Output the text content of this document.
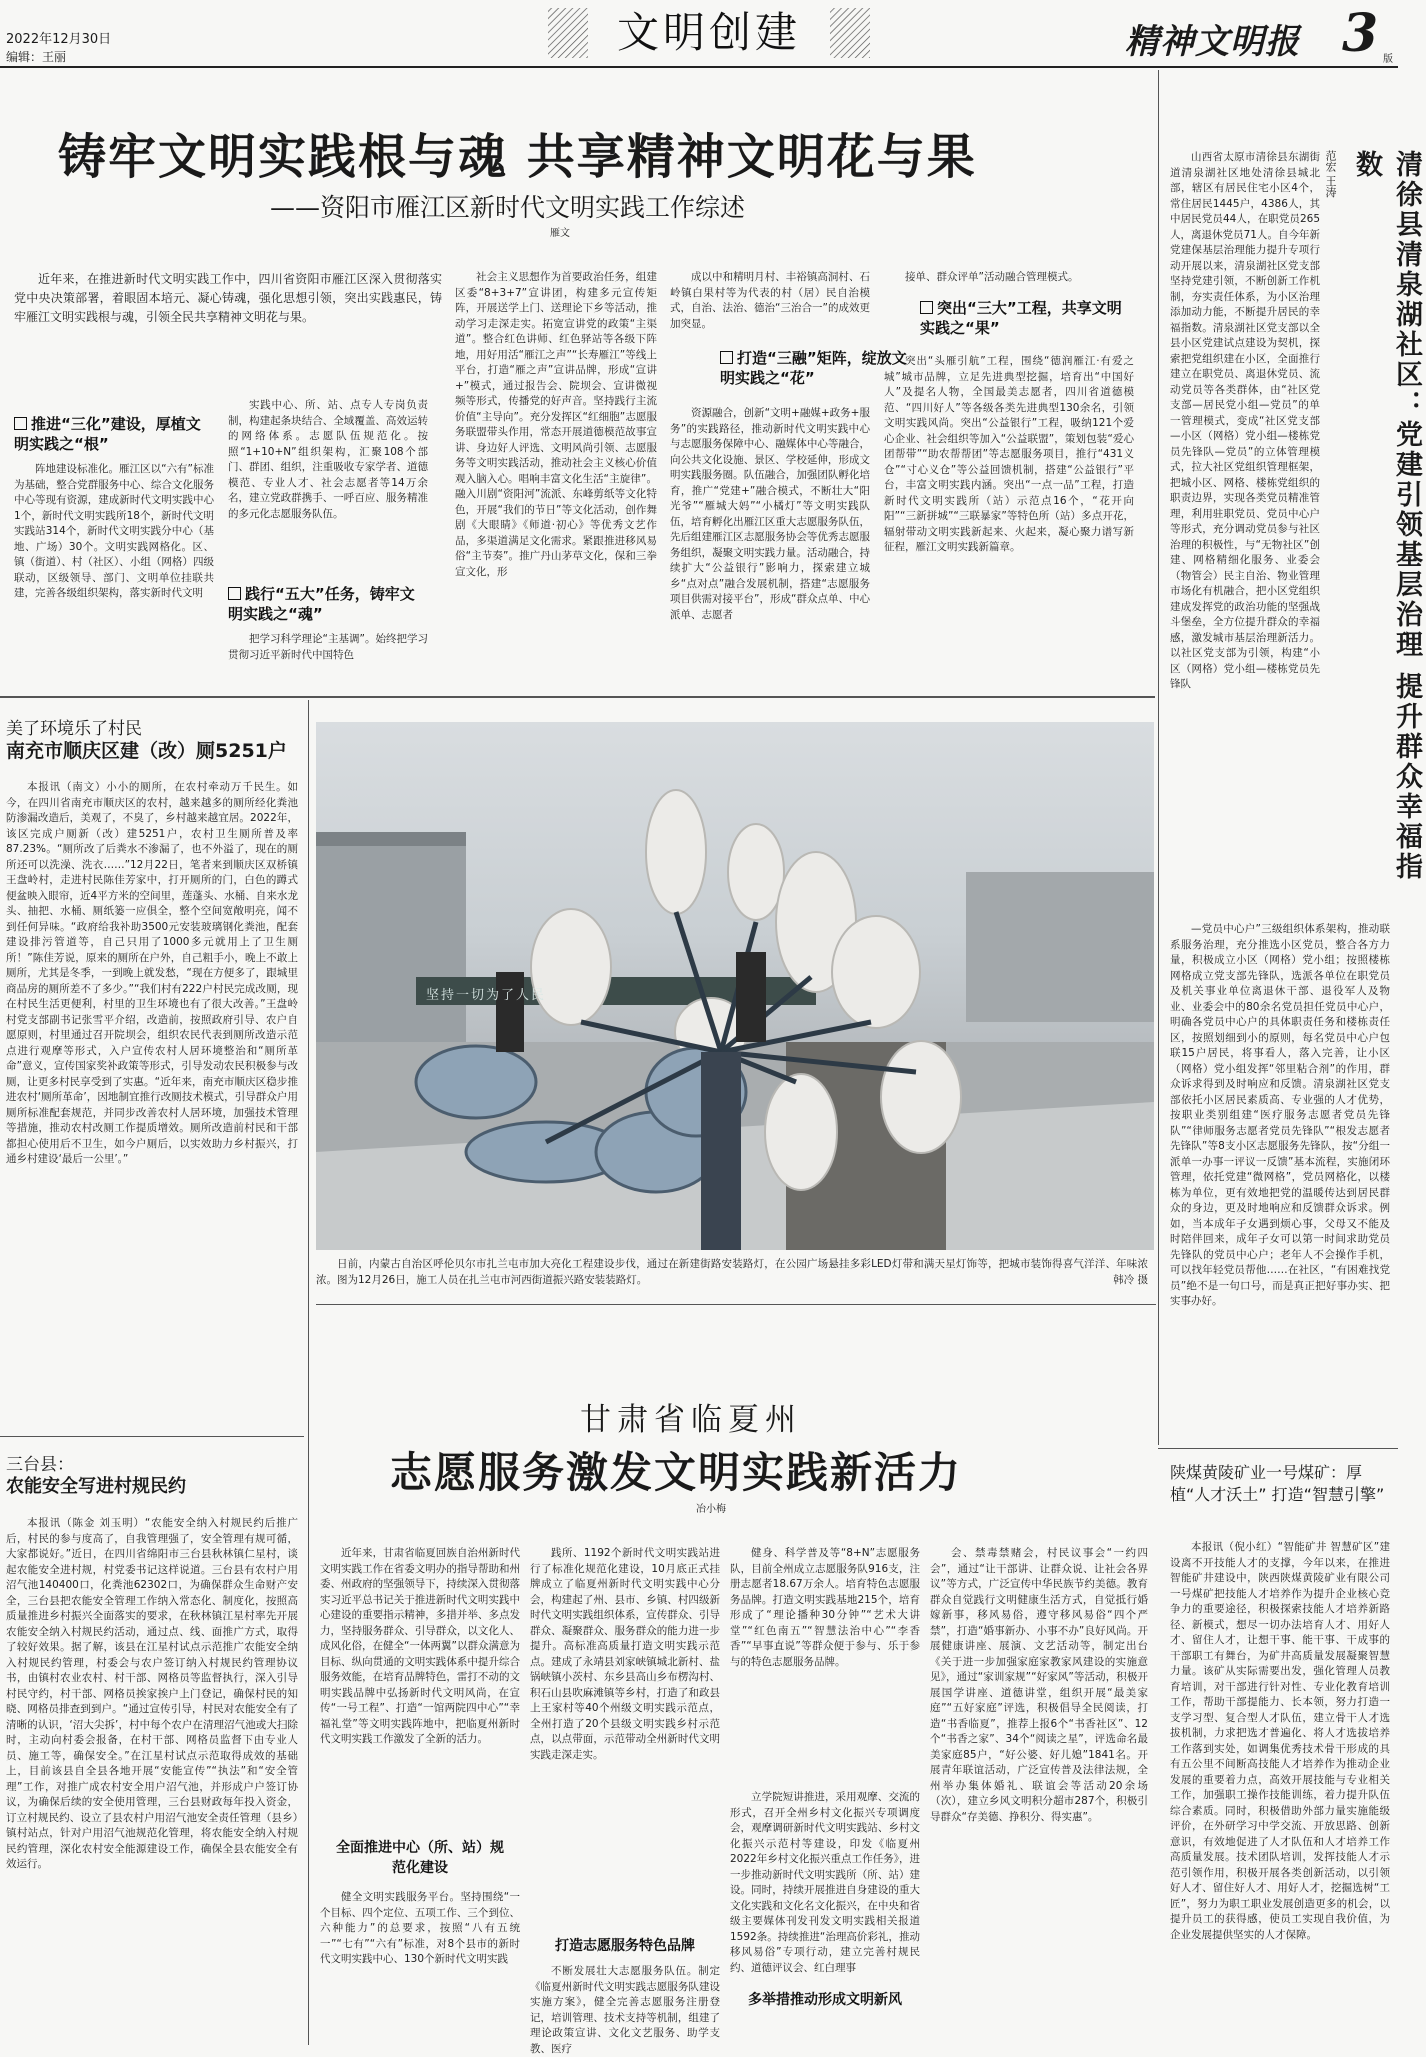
2022年12月30日
编辑：王丽	文明创建	精神文明报 3 版
铸牢文明实践根与魂 共享精神文明花与果
——资阳市雁江区新时代文明实践工作综述
雁文
近年来，在推进新时代文明实践工作中，四川省资阳市雁江区深入贯彻落实党中央决策部署，着眼固本培元、凝心铸魂，强化思想引领，突出实践惠民，铸牢雁江文明实践根与魂，引领全民共享精神文明花与果。
推进“三化”建设，厚植文明实践之“根”
阵地建设标准化。雁江区以“六有”标准为基础，整合党群服务中心、综合文化服务中心等现有资源，建成新时代文明实践中心1个，新时代文明实践所18个，新时代文明实践站314个，新时代文明实践分中心（基地、广场）30个。文明实践网格化。区、镇（街道）、村（社区）、小组（网格）四级联动，区级领导、部门、文明单位挂联共建，完善各级组织架构，落实新时代文明
实践中心、所、站、点专人专岗负责制，构建起条块结合、全域覆盖、高效运转的网络体系。志愿队伍规范化。按照“1+10+N”组织架构，汇聚108个部门、群团、组织，注重吸收专家学者、道德模范、专业人才、社会志愿者等14万余名，建立党政群携手、一呼百应、服务精准的多元化志愿服务队伍。
践行“五大”任务，铸牢文明实践之“魂”
把学习科学理论“主基调”。始终把学习贯彻习近平新时代中国特色
社会主义思想作为首要政治任务，组建区委“8+3+7”宣讲团，构建多元宣传矩阵，开展送学上门、送理论下乡等活动，推动学习走深走实。拓宽宣讲党的政策“主渠道”。整合红色讲师、红色驿站等各级下阵地，用好用活“雁江之声”“长寿雁江”等线上平台，打造“雁之声”宣讲品牌，形成“宣讲+”模式，通过报告会、院坝会、宣讲微视频等形式，传播党的好声音。坚持践行主流价值“主导向”。充分发挥区“红细胞”志愿服务联盟带头作用，常态开展道德模范故事宣讲、身边好人评选、文明风尚引领、志愿服务等文明实践活动，推动社会主义核心价值观入脑入心。唱响丰富文化生活“主旋律”。融入川剧“资阳河”流派、东峰剪纸等文化特色，开展“我们的节日”等文化活动，创作舞剧《大眼睛》《师道·初心》等优秀文艺作品，多渠道满足文化需求。紧跟推进移风易俗“主节奏”。推广丹山茅草文化，保和三拳宣文化，形
成以中和精明月村、丰裕镇高洞村、石岭镇白果村等为代表的村（居）民自治模式，自治、法治、德治“三治合一”的成效更加突显。
打造“三融”矩阵，绽放文明实践之“花”
资源融合，创新“文明+融媒+政务+服务”的实践路径，推动新时代文明实践中心与志愿服务保障中心、融媒体中心等融合，向公共文化设施、景区、学校延伸，形成文明实践服务圈。队伍融合，加强团队孵化培育，推广“党建+”融合模式，不断壮大“阳光爷”“雁城大妈”“小橘灯”等文明实践队伍，培育孵化出雁江区重大志愿服务队伍，先后组建雁江区志愿服务协会等优秀志愿服务组织，凝聚文明实践力量。活动融合，持续扩大“公益银行”影响力，探索建立城乡“点对点”融合发展机制，搭建“志愿服务项目供需对接平台”，形成“群众点单、中心派单、志愿者
接单、群众评单”活动融合管理模式。
突出“三大”工程，共享文明实践之“果”
突出“头雁引航”工程，围绕“德润雁江·有爱之城”城市品牌，立足先进典型挖掘，培育出“中国好人”及提名人物，全国最美志愿者，四川省道德模范、“四川好人”等各级各类先进典型130余名，引领文明实践风尚。突出“公益银行”工程，吸纳121个爱心企业、社会组织等加入“公益联盟”，策划包装“爱心团帮带”“助农帮帮团”等志愿服务项目，推行“431义仓”“寸心义仓”等公益回馈机制，搭建“公益银行”平台，丰富文明实践内涵。突出“一点一品”工程，打造新时代文明实践所（站）示范点16个，“花开向阳”“三新拼城”“三联暴家”等特色所（站）多点开花，辐射带动文明实践新起来、火起来，凝心聚力谱写新征程，雁江文明实践新篇章。	清徐县清泉湖社区：党建引领基层治理 提升群众幸福指数
范宏 王涛
山西省太原市清徐县东湖街道清泉湖社区地处清徐县城北部，辖区有居民住宅小区4个，常住居民1445户，4386人，其中居民党员44人，在职党员265人，离退休党员71人。自今年新党建保基层治理能力提升专项行动开展以来，清泉湖社区党支部坚持党建引领，不断创新工作机制，夯实责任体系，为小区治理添加动力能，不断提升居民的幸福指数。清泉湖社区党支部以全县小区党建试点建设为契机，探索把党组织建在小区，全面推行建立在职党员、离退休党员、流动党员等各类群体，由“社区党支部—居民党小组—党员”的单一管理模式，变成“社区党支部—小区（网格）党小组—楼栋党员先锋队—党员”的立体管理模式，拉大社区党组织管理框架，把城小区、网格、楼栋党组织的职责边界，实现各类党员精准管理，利用驻职党员、党员中心户等形式，充分调动党员参与社区治理的积极性，与“无物社区”创建、网格精细化服务、业委会（物管会）民主自治、物业管理市场化有机融合，把小区党组织建成发挥党的政治功能的坚强战斗堡垒，全方位提升群众的幸福感，激发城市基层治理新活力。以社区党支部为引领，构建“小区（网格）党小组—楼栋党员先锋队
—党员中心户”三级组织体系架构，推动联系服务治理，充分推选小区党员，整合各方力量，积极成立小区（网格）党小组；按照楼栋网格成立党支部先锋队，选派各单位在职党员及机关事业单位离退休干部、退役军人及物业、业委会中的80余名党员担任党员中心户，明确各党员中心户的具体职责任务和楼栋责任区，按照划细到小的原则，每名党员中心户包联15户居民，将事看人，落入完善，让小区（网格）党小组发挥“邻里粘合剂”的作用，群众诉求得到及时响应和反馈。清泉湖社区党支部依托小区居民素质高、专业强的人才优势，按职业类别组建“医疗服务志愿者党员先锋队”“律师服务志愿者党员先锋队”“根发志愿者先锋队”等8支小区志愿服务先锋队，按“分组一派单一办事一评议一反馈”基本流程，实施闭环管理，依托党建“微网格”，党员网格化，以楼栋为单位，更有效地把党的温暖传达到居民群众的身边，更及时地响应和反馈群众诉求。例如，当本成年子女遇到烦心事，父母又不能及时陪伴回来，成年子女可以第一时间求助党员先锋队的党员中心户；老年人不会操作手机，可以找年轻党员帮他……在社区，“有困难找党员”绝不是一句口号，而是真正把好事办实、把实事办好。
美了环境乐了村民
南充市顺庆区建（改）厕5251户
本报讯（南文）小小的厕所，在农村牵动万千民生。如今，在四川省南充市顺庆区的农村，越来越多的厕所经化粪池防渗漏改造后，美观了，不臭了，乡村越来越宜居。2022年，该区完成户厕新（改）建5251户，农村卫生厕所普及率87.23%。“厕所改了后粪水不渗漏了，也不外溢了，现在的厕所还可以洗澡、洗衣……”12月22日，笔者来到顺庆区双桥镇王盘岭村，走进村民陈佳芳家中，打开厕所的门，白色的蹲式便盆映入眼帘，近4平方米的空间里，莲蓬头、水桶、自来水龙头、抽把、水桶、厕纸篓一应俱全，整个空间宽敞明亮，闻不到任何异味。“政府给我补助3500元安装玻璃钢化粪池，配套建设排污管道等，自己只用了1000多元就用上了卫生厕所！”陈佳芳说，原来的厕所在户外，自己粗手小，晚上不敢上厕所，尤其是冬季，一到晚上就发愁，“现在方便多了，跟城里商品房的厕所差不了多少。”“我们村有222户村民完成改厕，现在村民生活更便利，村里的卫生环境也有了很大改善。”王盘岭村党支部副书记张雪平介绍，改造前，按照政府引导、农户自愿原则，村里通过召开院坝会，组织农民代表到厕所改造示范点进行观摩等形式，入户宣传农村人居环境整治和“厕所革命”意义，宣传国家奖补政策等形式，引导发动农民积极参与改厕，让更多村民享受到了实惠。“近年来，南充市顺庆区稳步推进农村‘厕所革命’，因地制宜推行改厕技术模式，引导群众户用厕所标准配套规范，并同步改善农村人居环境，加强技术管理等措施，推动农村改厕工作提质增效。厕所改造前村民和干部都担心使用后不卫生，如今户厕后，以实效助力乡村振兴，打通乡村建设‘最后一公里’。”
三台县：
农能安全写进村规民约
本报讯（陈金 刘玉明）“农能安全纳入村规民约后推广后，村民的参与度高了，自我管理强了，安全管理有规可循，大家都说好。”近日，在四川省绵阳市三台县秋林镇仁星村，谈起农能安全进村规，村党委书记这样说道。三台县有农村户用沼气池140400口，化粪池62302口，为确保群众生命财产安全，三台县把农能安全管理工作纳入常态化、制度化，按照高质量推进乡村振兴全面落实的要求，在秋林镇江星村率先开展农能安全纳入村规民约活动，通过点、线、面推广方式，取得了较好效果。据了解，该县在江星村试点示范推广农能安全纳入村规民约管理，村委会与农户签订纳入村规民约管理协议书，由镇村农业农村、村干部、网格员等监督执行，深入引导村民守约，村干部、网格员挨家挨户上门登记，确保村民的知晓、网格员排查到到户。“通过宣传引导，村民对农能安全有了清晰的认识，‘沼大尖拆’，村中每个农户在清理沼气池或大扫除时，主动向村委会报备，在村干部、网格员监督下由专业人员、施工等，确保安全。”在江星村试点示范取得成效的基础上，目前该县自全县各地开展“安能宣传”“执法”和“安全管理”工作，对推广成农村安全用户沼气池，并形成户户签订协议，为确保后续的安全使用管理，三台县财政每年投入资金，订立村规民约、设立了县农村户用沼气池安全责任管理（县乡）镇村站点，针对户用沼气池规范化管理，将农能安全纳入村规民约管理，深化农村安全能源建设工作，确保全县农能安全有效运行。
坚持一切为了人民
日前，内蒙古自治区呼伦贝尔市扎兰屯市加大亮化工程建设步伐，通过在新建街路安装路灯，在公园广场悬挂多彩LED灯带和满天星灯饰等，把城市装饰得喜气洋洋、年味浓浓。图为12月26日，施工人员在扎兰屯市河西街道振兴路安装装路灯。	韩冷 摄
甘肃省临夏州
志愿服务激发文明实践新活力
冶小梅
近年来，甘肃省临夏回族自治州新时代文明实践工作在省委文明办的指导帮助和州委、州政府的坚强领导下，持续深入贯彻落实习近平总书记关于推进新时代文明实践中心建设的重要指示精神，多措并举、多点发力，坚持服务群众、引导群众，以文化人、成风化俗，在健全“一体两翼”以群众满意为目标、纵向贯通的文明实践体系中提升综合服务效能，在培育品牌特色，雷打不动的文明实践品牌中弘扬新时代文明风尚，在宣传“一号工程”、打造“一馆两院四中心”“幸福礼堂”等文明实践阵地中，把临夏州新时代文明实践工作激发了全新的活力。
全面推进中心（所、站）规范化建设
健全文明实践服务平台。坚持围绕“一个目标、四个定位、五项工作、三个到位、六种能力”的总要求，按照“八有五统一”“七有”“六有”标准，对8个县市的新时代文明实践中心、130个新时代文明实践
践所、1192个新时代文明实践站进行了标准化规范化建设，10月底正式挂牌成立了临夏州新时代文明实践中心分会，构建起了州、县市、乡镇、村四级新时代文明实践组织体系，宣传群众、引导群众、凝聚群众、服务群众的能力进一步提升。高标准高质量打造文明实践示范点。建成了永靖县刘家峡镇城北新村、盐锅峡镇小茨村、东乡县高山乡布楞沟村、积石山县吹麻滩镇等乡村，打造了和政县上王家村等40个州级文明实践示范点，全州打造了20个县级文明实践乡村示范点，以点带面，示范带动全州新时代文明实践走深走实。
打造志愿服务特色品牌
不断发展壮大志愿服务队伍。制定《临夏州新时代文明实践志愿服务队建设实施方案》，健全完善志愿服务注册登记，培训管理、技术支持等机制，组建了理论政策宣讲、文化文艺服务、助学支教、医疗
健身、科学普及等“8+N”志愿服务队，目前全州成立志愿服务队916支，注册志愿者18.67万余人。培育特色志愿服务品牌。打造文明实践基地215个，培育形成了“理论播种30分钟”“艺术大讲堂”“红色南五”“智慧法治中心”“李香香”“早事直说”等群众便于参与、乐于参与的特色志愿服务品牌。
多举措推动形成文明新风
立学院短讲推进，采用观摩、交流的形式，召开全州乡村文化振兴专项调度会，观摩调研新时代文明实践站、乡村文化振兴示范村等建设，印发《临夏州2022年乡村文化振兴重点工作任务》，进一步推动新时代文明实践所（所、站）建设。同时，持续开展推进自身建设的重大文化实践和文化名文化振兴，在中央和省级主要媒体刊发刊发文明实践相关报道1592条。持续推进“治理高价彩礼，推动移风易俗”专项行动，建立完善村规民约、道德评议会、红白理事
会、禁毒禁赌会，村民议事会“一约四会”，通过“让干部讲、让群众说、让社会各界议”等方式，广泛宣传中华民族节约美德。教育群众自觉践行文明健康生活方式，自觉抵行婚嫁新事，移风易俗，遵守移风易俗“四个严禁”，打造“婚事新办、小事不办”良好风尚。开展健康讲座、展演、文艺活动等，制定出台《关于进一步加强家庭家教家风建设的实施意见》，通过“家训家规”“好家风”等活动，积极开展国学讲座、道德讲堂，组织开展“最美家庭”“五好家庭”评选，积极倡导全民阅读，打造“书香临夏”，推荐上报6个“书香社区”、12个“书香之家”、34个“阅读之星”，评选命名最美家庭85户，“好公婆、好儿媳”1841名。开展青年联谊活动，广泛宣传普及法律法规，全州举办集体婚礼、联谊会等活动20余场（次），建立乡风文明积分超市287个，积极引导群众“存美德、挣积分、得实惠”。
陕煤黄陵矿业一号煤矿：厚植“人才沃土” 打造“智慧引擎”
本报讯（倪小红）“智能矿井 智慧矿区”建设离不开技能人才的支撑，今年以来，在推进智能矿井建设中，陕西陕煤黄陵矿业有限公司一号煤矿把技能人才培养作为提升企业核心竞争力的重要途径，积极探索技能人才培养新路径、新模式，想尽一切办法培育人才、用好人才、留住人才，让想干事、能干事、干成事的干部职工有舞台，为矿井高质量发展凝聚智慧力量。该矿从实际需要出发，强化管理人员教育培训，对干部进行针对性、专业化教育培训工作，帮助干部提能力、长本领，努力打造一支学习型、复合型人才队伍，建立骨干人才选拔机制，力求把选才普遍化、将人才选拔培养工作落到实处，如调集优秀技术骨干形成的具有五公里不间断高技能人才培养作为推动企业发展的重要着力点，高效开展技能与专业相关工作，加强职工操作技能训练，着力提升队伍综合素质。同时，积极借助外部力量实施能级评价，在外研学习中学交流、开放思路、创新意识，有效地促进了人才队伍和人才培养工作高质量发展。技术团队培训，发挥技能人才示范引领作用，积极开展各类创新活动，以引领好人才、留住好人才、用好人才，挖掘选树“工匠”，努力为职工职业发展创造更多的机会，以提升员工的获得感，使员工实现自我价值，为企业发展提供坚实的人才保障。
